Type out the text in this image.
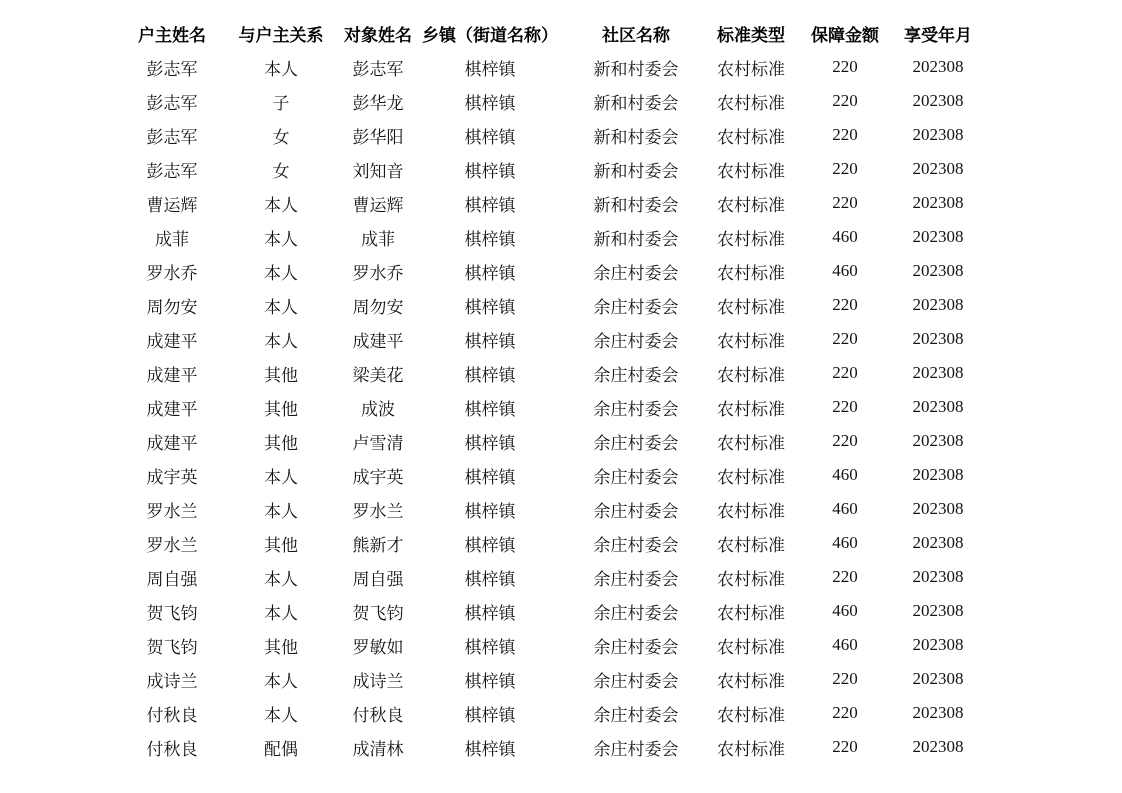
户主姓名	与户主关系	对象姓名	乡镇（街道名称）	社区名称	标准类型	保障金额	享受年月
彭志军	本人	彭志军	棋梓镇	新和村委会	农村标准	220	202308
彭志军	子	彭华龙	棋梓镇	新和村委会	农村标准	220	202308
彭志军	女	彭华阳	棋梓镇	新和村委会	农村标准	220	202308
彭志军	女	刘知音	棋梓镇	新和村委会	农村标准	220	202308
曹运辉	本人	曹运辉	棋梓镇	新和村委会	农村标准	220	202308
成菲	本人	成菲	棋梓镇	新和村委会	农村标准	460	202308
罗水乔	本人	罗水乔	棋梓镇	余庄村委会	农村标准	460	202308
周勿安	本人	周勿安	棋梓镇	余庄村委会	农村标准	220	202308
成建平	本人	成建平	棋梓镇	余庄村委会	农村标准	220	202308
成建平	其他	梁美花	棋梓镇	余庄村委会	农村标准	220	202308
成建平	其他	成波	棋梓镇	余庄村委会	农村标准	220	202308
成建平	其他	卢雪清	棋梓镇	余庄村委会	农村标准	220	202308
成宇英	本人	成宇英	棋梓镇	余庄村委会	农村标准	460	202308
罗水兰	本人	罗水兰	棋梓镇	余庄村委会	农村标准	460	202308
罗水兰	其他	熊新才	棋梓镇	余庄村委会	农村标准	460	202308
周自强	本人	周自强	棋梓镇	余庄村委会	农村标准	220	202308
贺飞钧	本人	贺飞钧	棋梓镇	余庄村委会	农村标准	460	202308
贺飞钧	其他	罗敏如	棋梓镇	余庄村委会	农村标准	460	202308
成诗兰	本人	成诗兰	棋梓镇	余庄村委会	农村标准	220	202308
付秋良	本人	付秋良	棋梓镇	余庄村委会	农村标准	220	202308
付秋良	配偶	成清林	棋梓镇	余庄村委会	农村标准	220	202308
